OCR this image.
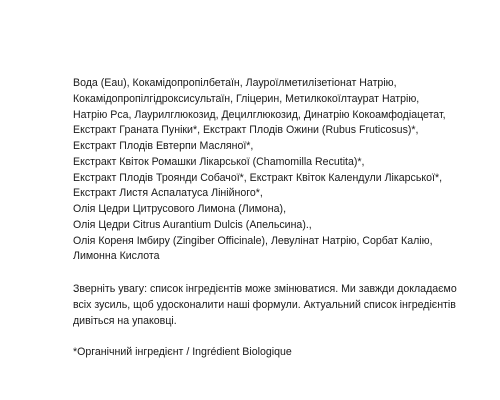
Вода (Eau), Кокамідопропілбетаїн, Лауроїлметилізетіонат Натрію,
Кокамідопропілгідроксисультаїн, Гліцерин, Метилкокоїлтаурат Натрію,
Натрію Pca, Лаурилглюкозид, Децилглюкозид, Динатрію Кокоамфодіацетат,
Екстракт Граната Пуніки*, Екстракт Плодів Ожини (Rubus Fruticosus)*,
Екстракт Плодів Евтерпи Масляної*,
Екстракт Квіток Ромашки Лікарської (Chamomilla Recutita)*,
Екстракт Плодів Троянди Собачої*, Екстракт Квіток Календули Лікарської*,
Екстракт Листя Аспалатуса Лінійного*,
Олія Цедри Цитрусового Лимона (Лимона),
Олія Цедри Citrus Aurantium Dulcis (Апельсина).,
Олія Кореня Імбиру (Zingiber Officinale), Левулінат Натрію, Сорбат Калію,
Лимонна Кислота
Зверніть увагу: список інгредієнтів може змінюватися. Ми завжди докладаємо
всіх зусиль, щоб удосконалити наші формули. Актуальний список інгредієнтів
дивіться на упаковці.
*Органічний інгредієнт / Ingrédient Biologique
